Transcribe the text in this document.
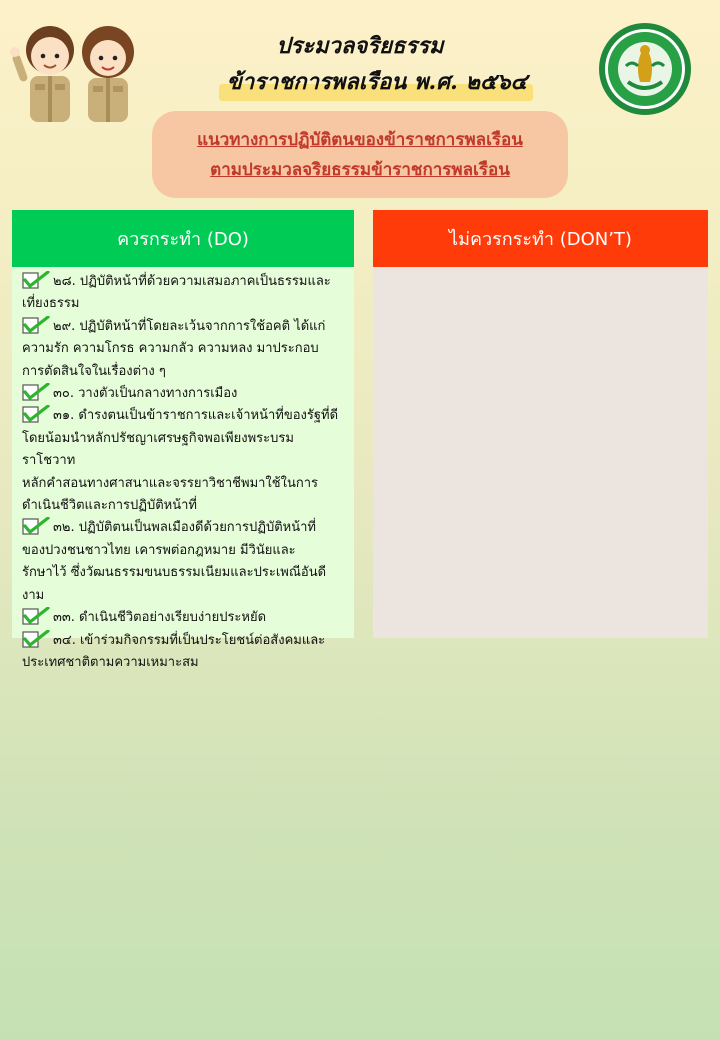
ประมวลจริยธรรม
ข้าราชการพลเรือน พ.ศ. ๒๕๖๔
แนวทางการปฏิบัติตนของข้าราชการพลเรือน
ตามประมวลจริยธรรมข้าราชการพลเรือน
ควรกระทำ (DO)
๒๘. ปฏิบัติหน้าที่ด้วยความเสมอภาคเป็นธรรมและ
เที่ยงธรรม
๒๙. ปฏิบัติหน้าที่โดยละเว้นจากการใช้อคติ ได้แก่
ความรัก ความโกรธ ความกลัว ความหลง มาประกอบ
การตัดสินใจในเรื่องต่าง ๆ
๓๐. วางตัวเป็นกลางทางการเมือง
๓๑. ดำรงตนเป็นข้าราชการและเจ้าหน้าที่ของรัฐที่ดี
โดยน้อมนำหลักปรัชญาเศรษฐกิจพอเพียงพระบรมราโชวาท
หลักคำสอนทางศาสนาและจรรยาวิชาชีพมาใช้ในการ
ดำเนินชีวิตและการปฏิบัติหน้าที่
๓๒. ปฏิบัติตนเป็นพลเมืองดีด้วยการปฏิบัติหน้าที่
ของปวงชนชาวไทย เคารพต่อกฎหมาย มีวินัยและ
รักษาไว้ ซึ่งวัฒนธรรมขนบธรรมเนียมและประเพณีอันดีงาม
๓๓. ดำเนินชีวิตอย่างเรียบง่ายประหยัด
๓๔. เข้าร่วมกิจกรรมที่เป็นประโยชน์ต่อสังคมและ
ประเทศชาติตามความเหมาะสม
ไม่ควรกระทำ (DON’T)
